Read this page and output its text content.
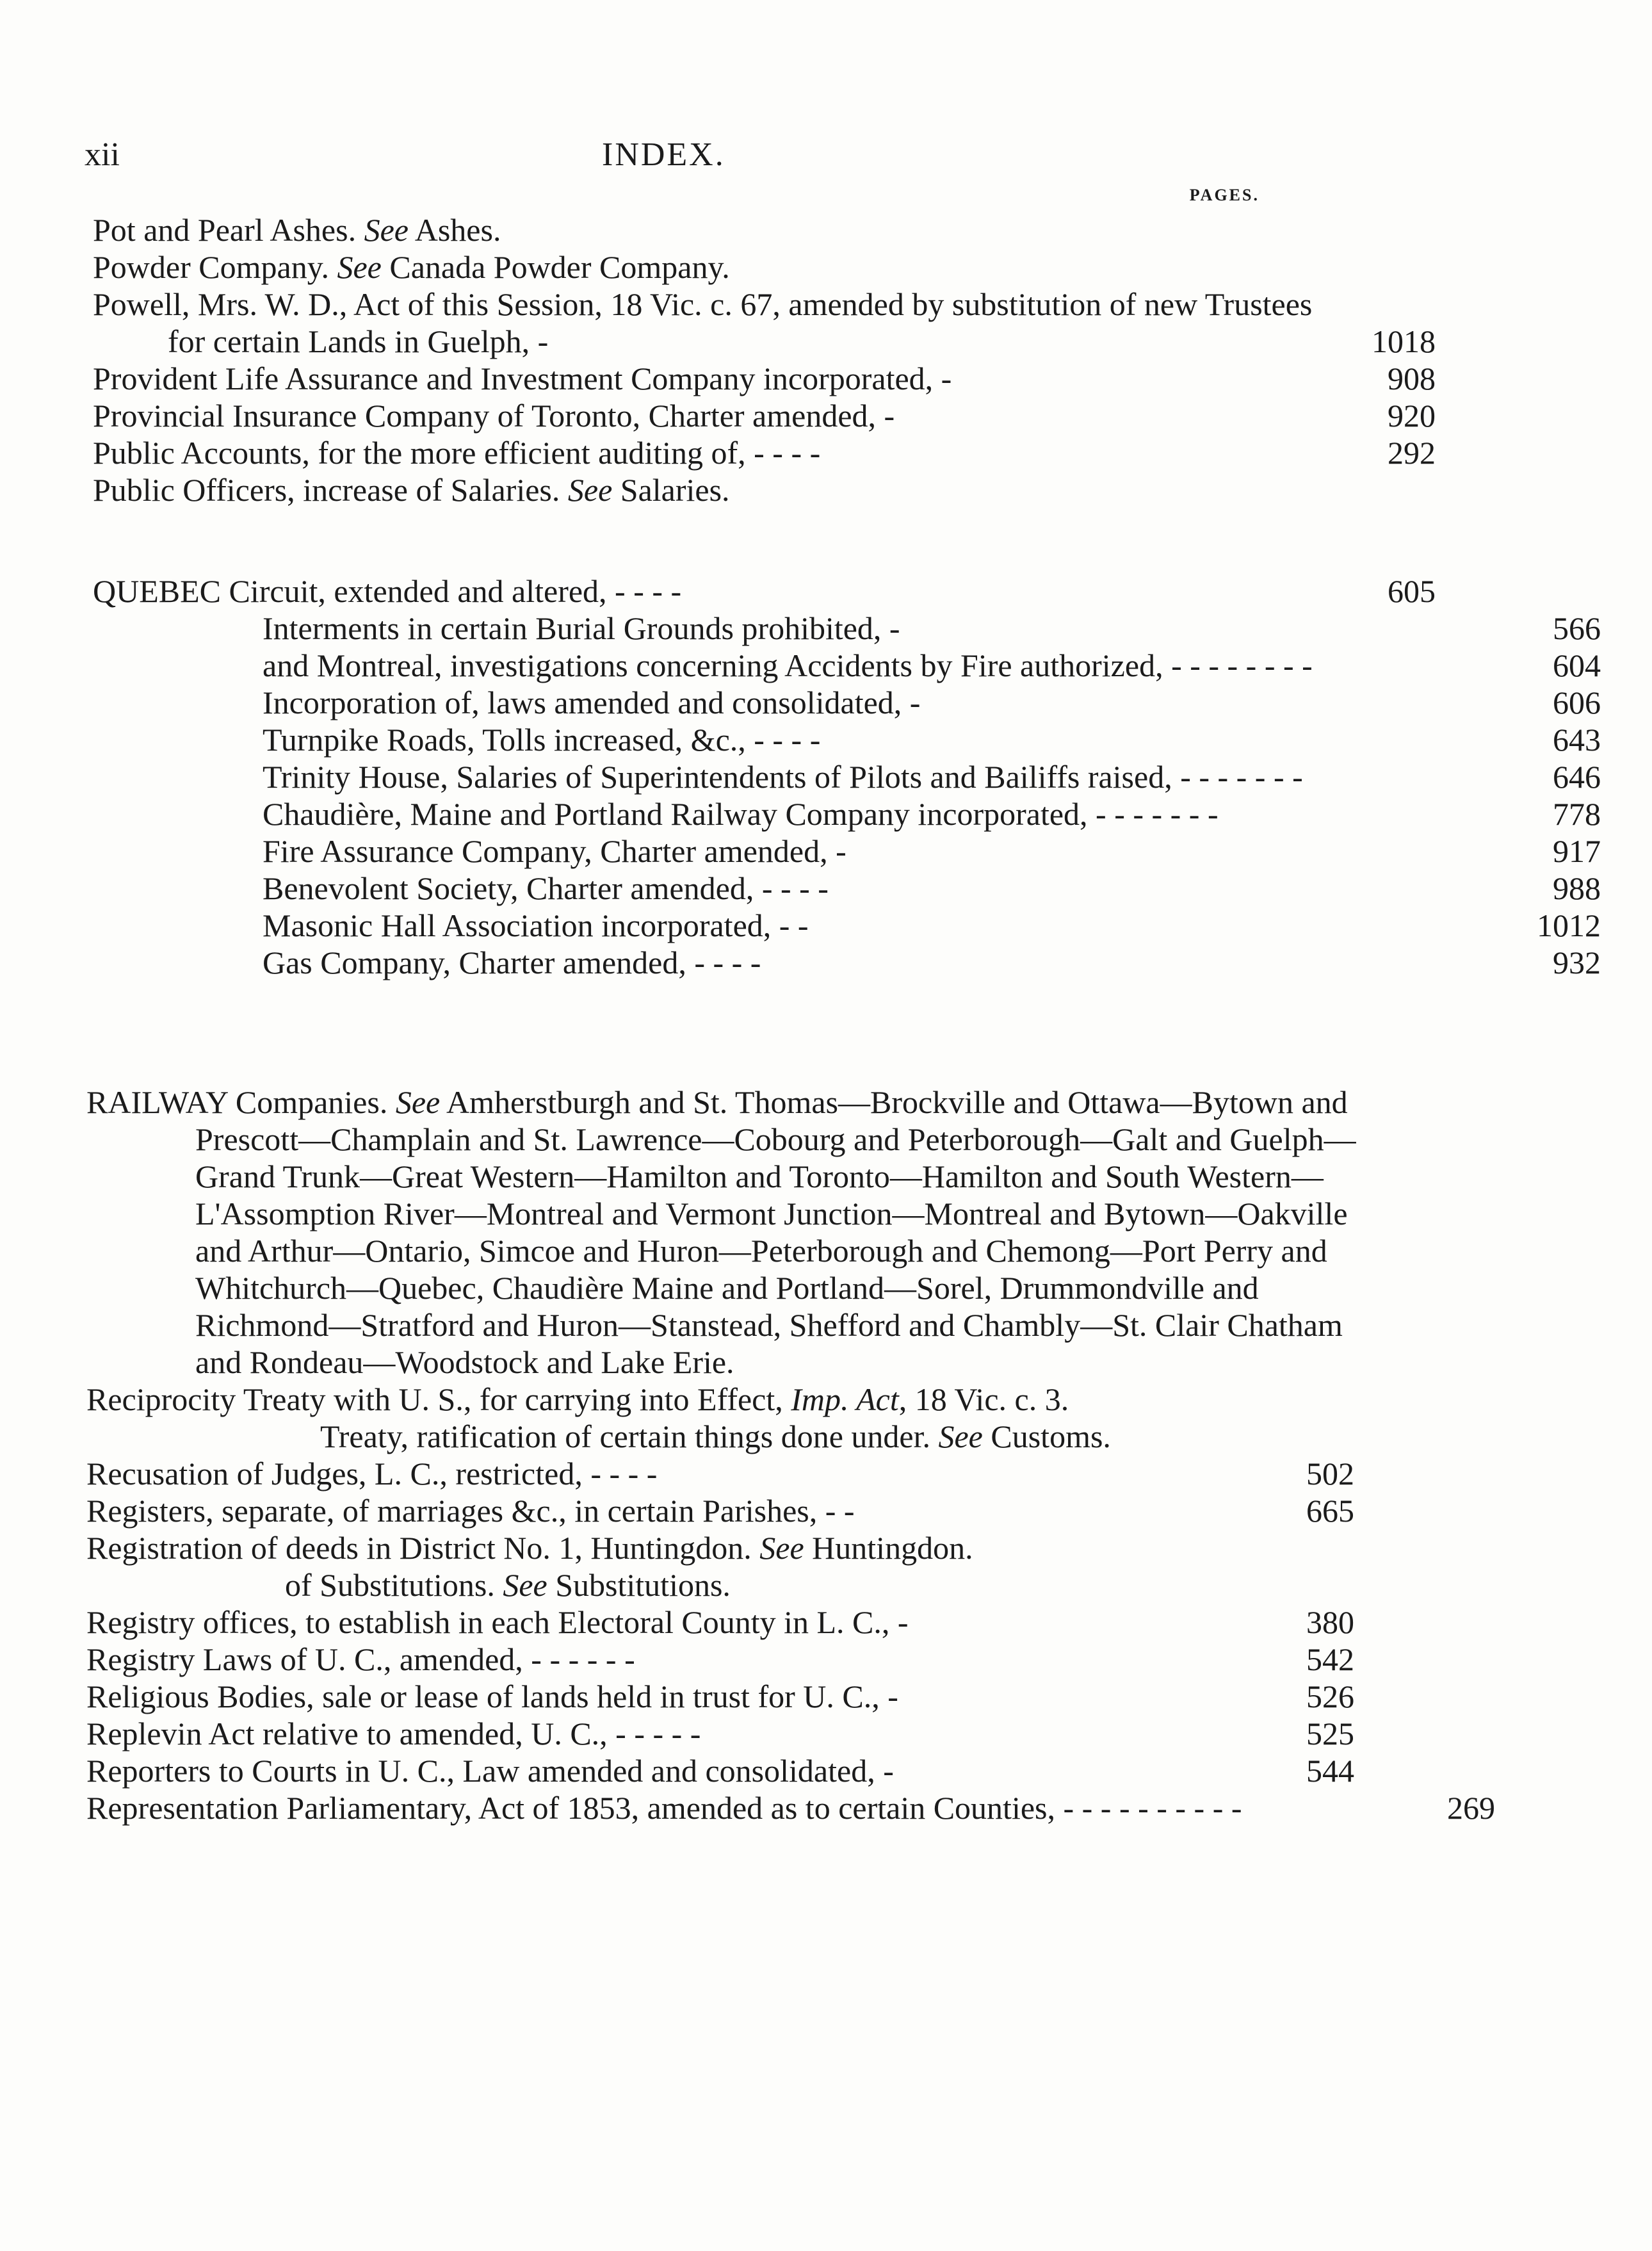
xii	INDEX.
PAGES.
Pot and Pearl Ashes. See Ashes.
Powder Company. See Canada Powder Company.
Powell, Mrs. W. D., Act of this Session, 18 Vic. c. 67, amended by substitution of new Trustees for certain Lands in Guelph, -	1018
Provident Life Assurance and Investment Company incorporated, -	908
Provincial Insurance Company of Toronto, Charter amended, -	920
Public Accounts, for the more efficient auditing of, - - - -	292
Public Officers, increase of Salaries. See Salaries.
QUEBEC Circuit, extended and altered, - - - -	605
Interments in certain Burial Grounds prohibited, -	566
and Montreal, investigations concerning Accidents by Fire authorized, - - - - - - - -	604
Incorporation of, laws amended and consolidated, -	606
Turnpike Roads, Tolls increased, &c., - - - -	643
Trinity House, Salaries of Superintendents of Pilots and Bailiffs raised, - - - - - - -	646
Chaudière, Maine and Portland Railway Company incorporated, - - - - - - -	778
Fire Assurance Company, Charter amended, -	917
Benevolent Society, Charter amended, - - - -	988
Masonic Hall Association incorporated, - -	1012
Gas Company, Charter amended, - - - -	932
RAILWAY Companies. See Amherstburgh and St. Thomas—Brockville and Ottawa—Bytown and Prescott—Champlain and St. Lawrence—Cobourg and Peterborough—Galt and Guelph—Grand Trunk—Great Western—Hamilton and Toronto—Hamilton and South Western—L'Assomption River—Montreal and Vermont Junction—Montreal and Bytown—Oakville and Arthur—Ontario, Simcoe and Huron—Peterborough and Chemong—Port Perry and Whitchurch—Quebec, Chaudière Maine and Portland—Sorel, Drummondville and Richmond—Stratford and Huron—Stanstead, Shefford and Chambly—St. Clair Chatham and Rondeau—Woodstock and Lake Erie.
Reciprocity Treaty with U. S., for carrying into Effect, Imp. Act, 18 Vic. c. 3.
Treaty, ratification of certain things done under. See Customs.
Recusation of Judges, L. C., restricted, - - - -	502
Registers, separate, of marriages &c., in certain Parishes, - -	665
Registration of deeds in District No. 1, Huntingdon. See Huntingdon.
of Substitutions. See Substitutions.
Registry offices, to establish in each Electoral County in L. C., -	380
Registry Laws of U. C., amended, - - - - - -	542
Religious Bodies, sale or lease of lands held in trust for U. C., -	526
Replevin Act relative to amended, U. C., - - - - -	525
Reporters to Courts in U. C., Law amended and consolidated, -	544
Representation Parliamentary, Act of 1853, amended as to certain Counties, - - - - - - - - - -	269
